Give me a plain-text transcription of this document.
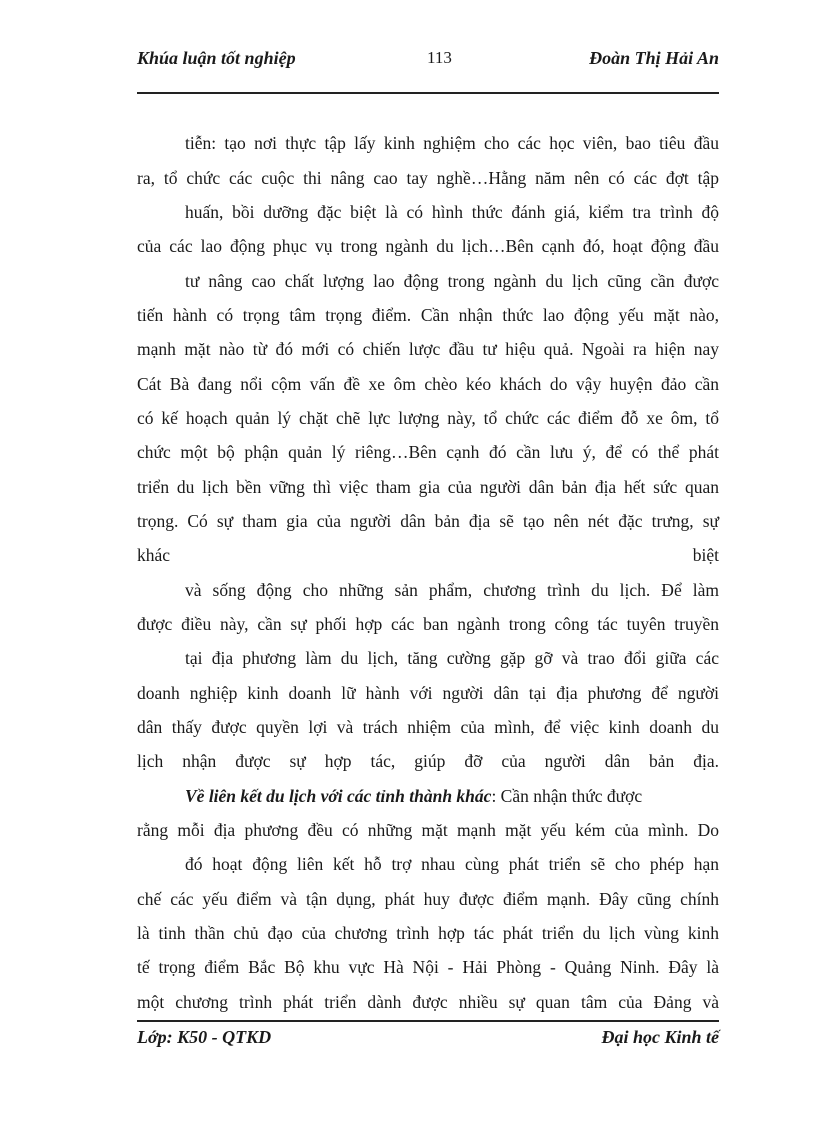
Khúa luận tốt nghiệp	113	Đoàn Thị Hải An
tiễn: tạo nơi thực tập lấy kinh nghiệm cho các học viên, bao tiêu đầu
ra, tổ chức các cuộc thi nâng cao tay nghề…Hằng năm nên có các đợt tập
huấn, bồi dưỡng đặc biệt là có hình thức đánh giá, kiểm tra trình độ
của các lao động phục vụ trong ngành du lịch…Bên cạnh đó, hoạt động đầu
tư nâng cao chất lượng lao động trong ngành du lịch cũng cần được
tiến hành có trọng tâm trọng điểm. Cần nhận thức lao động yếu mặt nào,
mạnh mặt nào từ đó mới có chiến lược đầu tư hiệu quả. Ngoài ra hiện nay
Cát Bà đang nổi cộm vấn đề xe ôm chèo kéo khách do vậy huyện đảo cần
có kế hoạch quản lý chặt chẽ lực lượng này, tổ chức các điểm đỗ xe ôm, tổ
chức một bộ phận quản lý riêng…Bên cạnh đó cần lưu ý, để có thể phát
triển du lịch bền vững thì việc tham gia của người dân bản địa hết sức quan
trọng. Có sự tham gia của người dân bản địa sẽ tạo nên nét đặc trưng, sự
khác	biệt
và sống động cho những sản phẩm, chương trình du lịch. Để làm
được điều này, cần sự phối hợp các ban ngành trong công tác tuyên truyền
tại địa phương làm du lịch, tăng cường gặp gỡ và trao đổi giữa các
doanh nghiệp kinh doanh lữ hành với người dân tại địa phương để người
dân thấy được quyền lợi và trách nhiệm của mình, để việc kinh doanh du
lịch nhận được sự hợp tác, giúp đỡ của người dân bản địa.
Về liên kết du lịch với các tỉnh thành khác: Cần nhận thức được
rằng mỗi địa phương đều có những mặt mạnh mặt yếu kém của mình. Do
đó hoạt động liên kết hỗ trợ nhau cùng phát triển sẽ cho phép hạn
chế các yếu điểm và tận dụng, phát huy được điểm mạnh. Đây cũng chính
là tinh thần chủ đạo của chương trình hợp tác phát triển du lịch vùng kinh
tế trọng điểm Bắc Bộ khu vực Hà Nội - Hải Phòng - Quảng Ninh. Đây là
một chương trình phát triển dành được nhiều sự quan tâm của Đảng và
Lớp: K50 - QTKD	Đại học Kinh tế
